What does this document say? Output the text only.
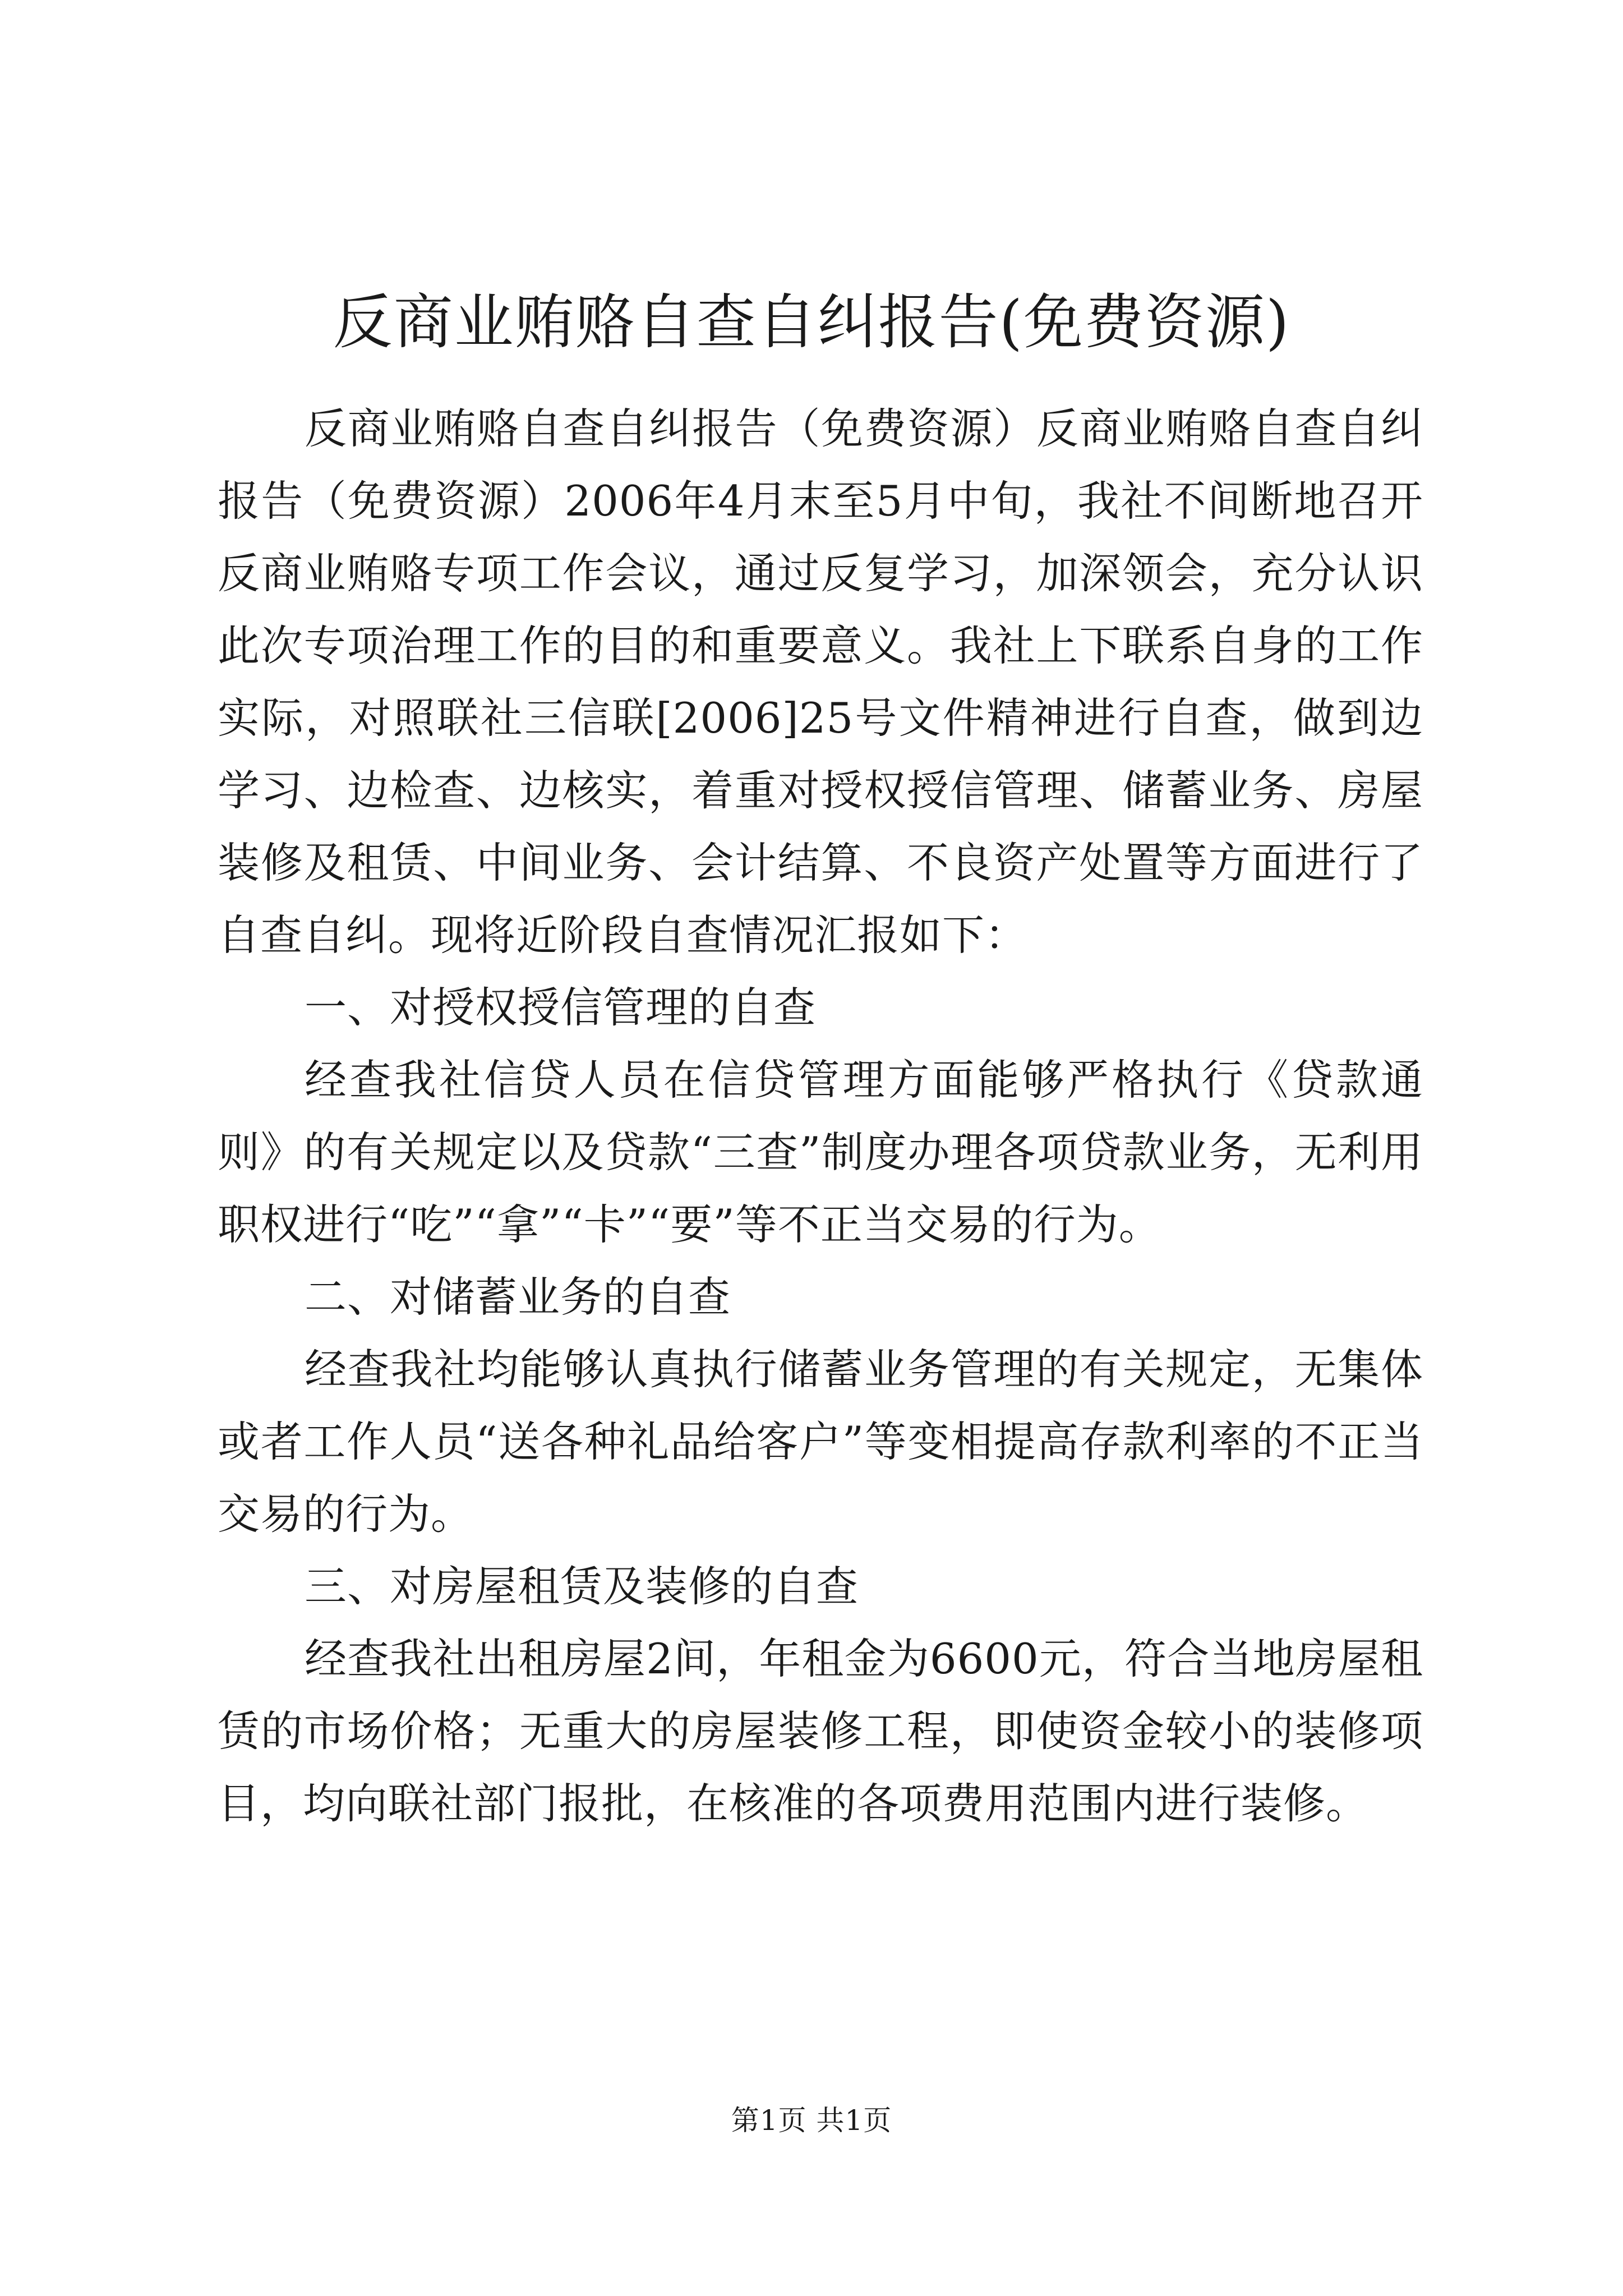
反商业贿赂自查自纠报告(免费资源)

反商业贿赂自查自纠报告（免费资源）反商业贿赂自查自纠报告（免费资源）2006年4月末至5月中旬，我社不间断地召开反商业贿赂专项工作会议，通过反复学习，加深领会，充分认识此次专项治理工作的目的和重要意义。我社上下联系自身的工作实际，对照联社三信联[2006]25号文件精神进行自查，做到边学习、边检查、边核实，着重对授权授信管理、储蓄业务、房屋装修及租赁、中间业务、会计结算、不良资产处置等方面进行了自查自纠。现将近阶段自查情况汇报如下：

一、对授权授信管理的自查

经查我社信贷人员在信贷管理方面能够严格执行《贷款通则》的有关规定以及贷款“三查”制度办理各项贷款业务，无利用职权进行“吃”“拿”“卡”“要”等不正当交易的行为。

二、对储蓄业务的自查

经查我社均能够认真执行储蓄业务管理的有关规定，无集体或者工作人员“送各种礼品给客户”等变相提高存款利率的不正当交易的行为。

三、对房屋租赁及装修的自查

经查我社出租房屋2间，年租金为6600元，符合当地房屋租赁的市场价格；无重大的房屋装修工程，即使资金较小的装修项目，均向联社部门报批，在核准的各项费用范围内进行装修。

第1页 共1页
